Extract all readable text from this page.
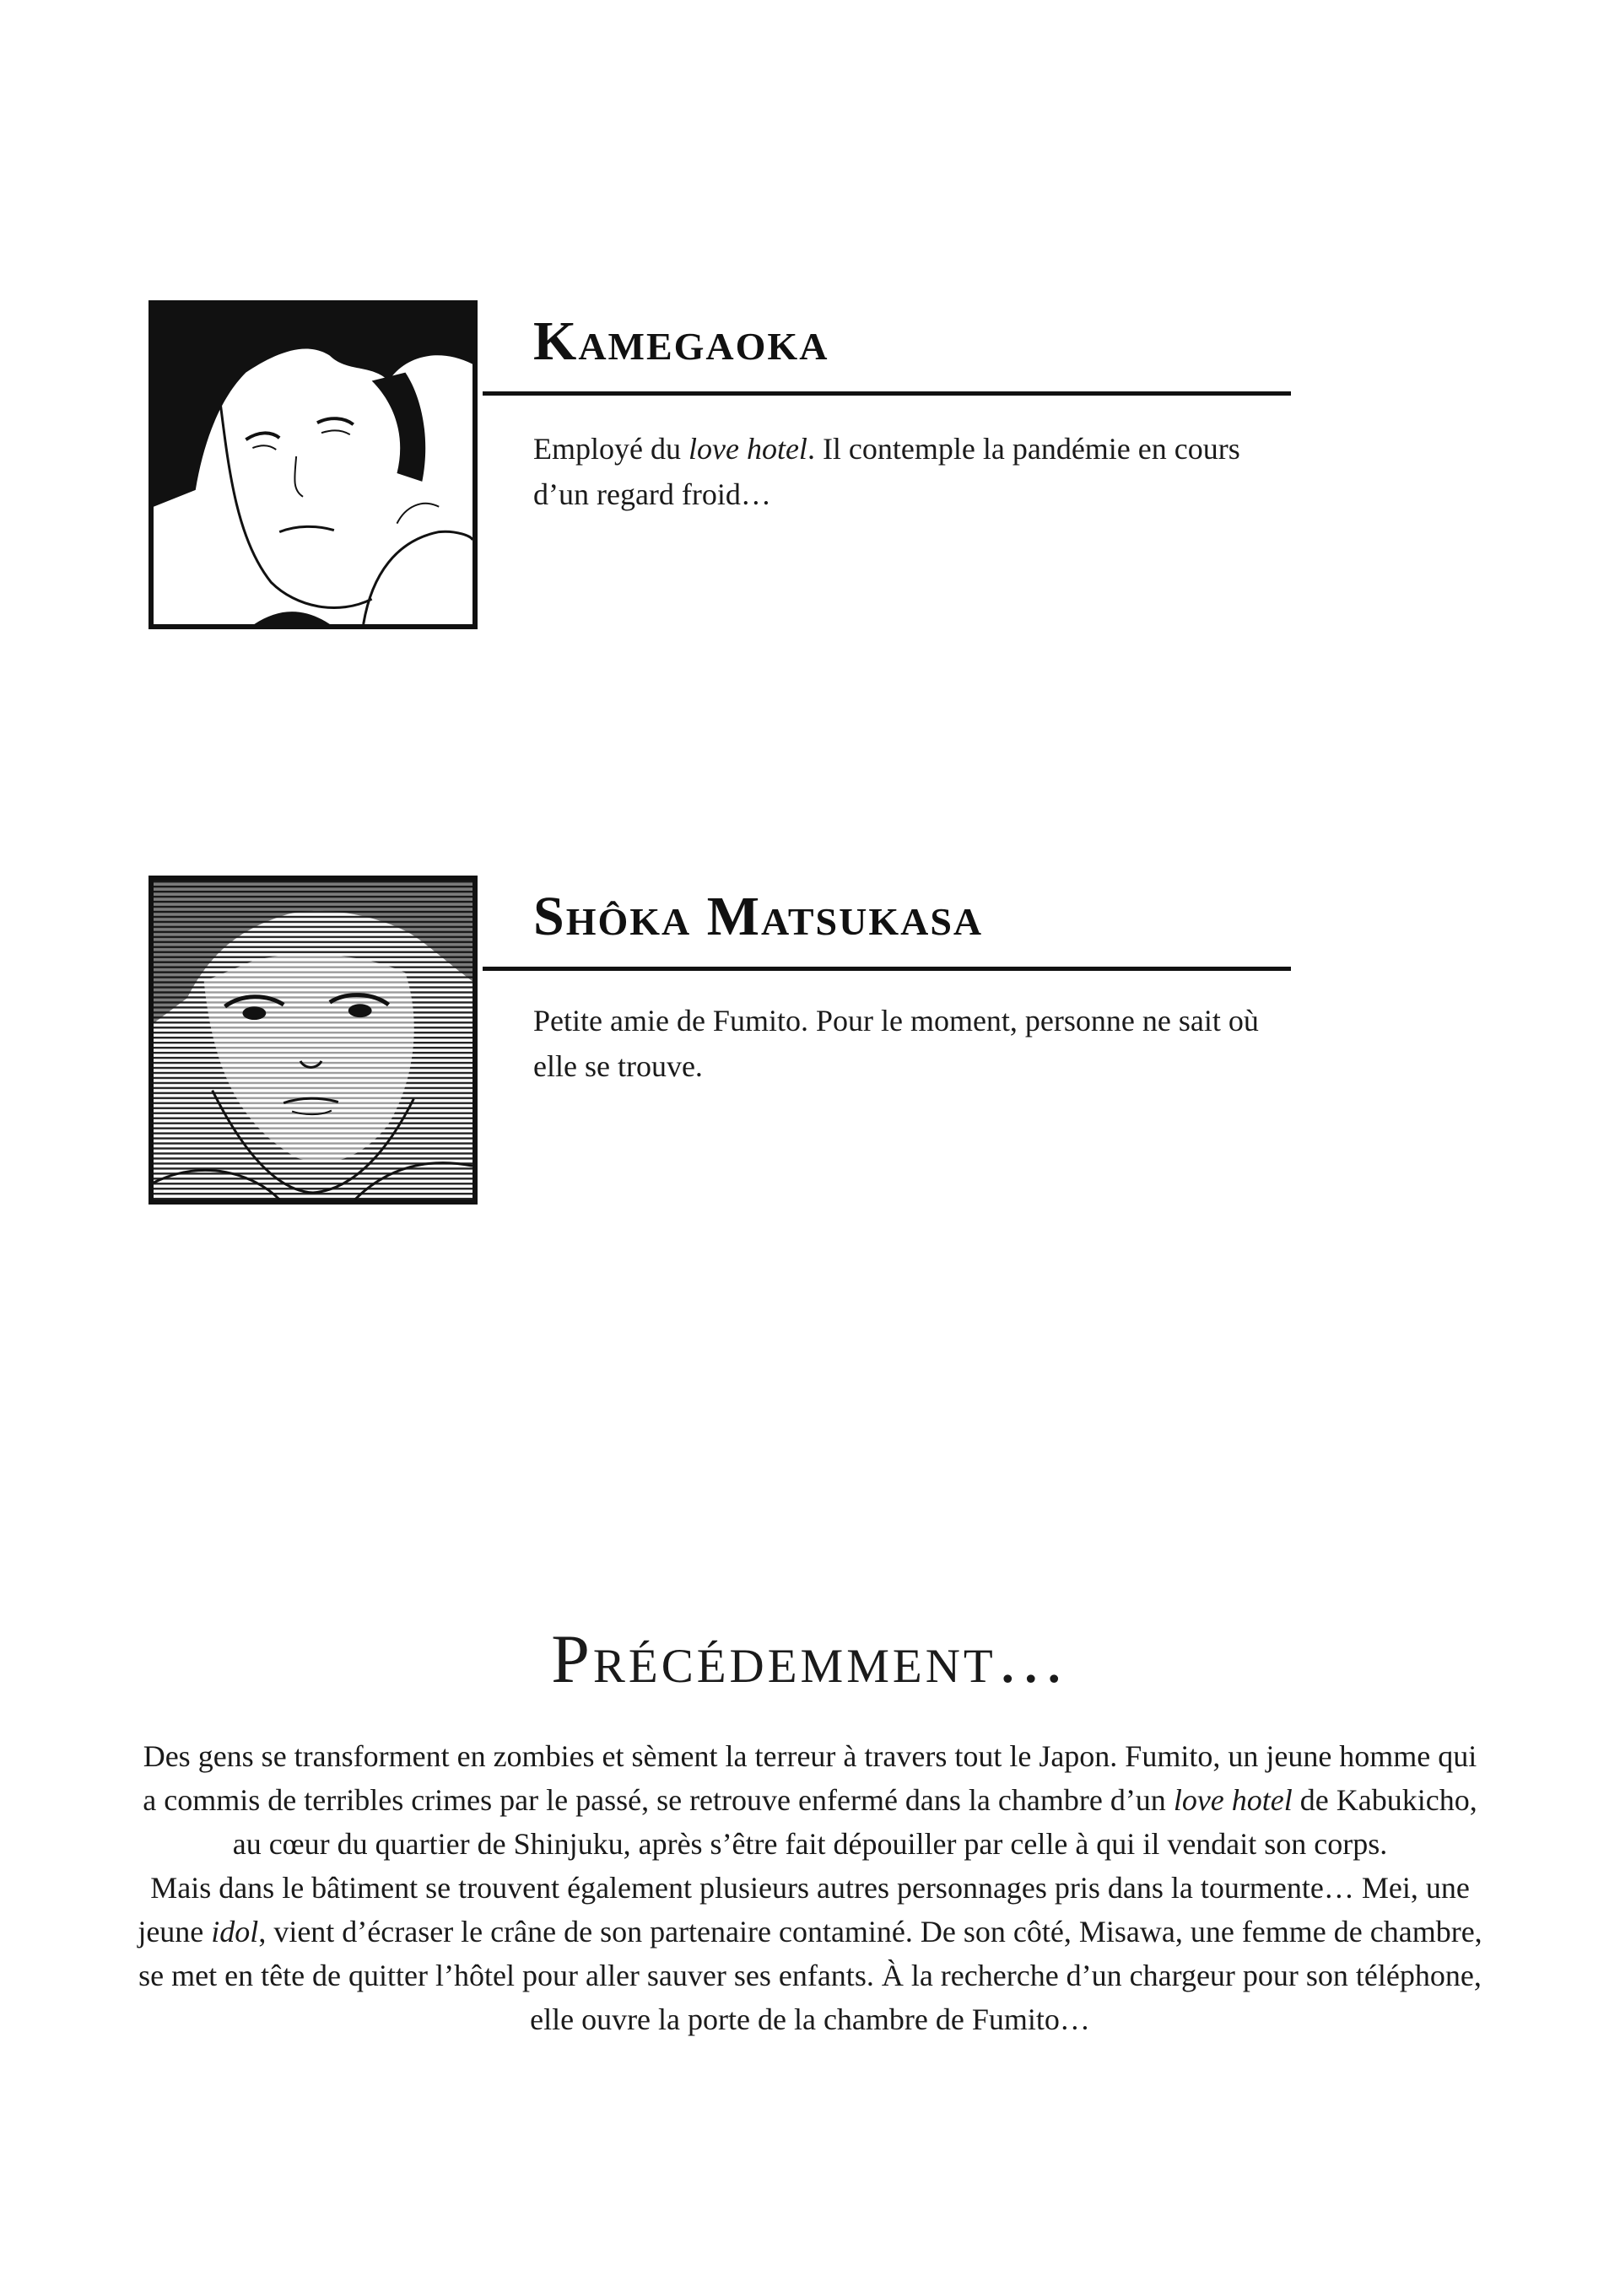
Kamegaoka

Employé du love hotel. Il contemple la pandémie en cours d’un regard froid…

Shôka Matsukasa

Petite amie de Fumito. Pour le moment, personne ne sait où elle se trouve.

Précédemment…

Des gens se transforment en zombies et sèment la terreur à travers tout le Japon. Fumito, un jeune homme qui a commis de terribles crimes par le passé, se retrouve enfermé dans la chambre d’un love hotel de Kabukicho, au cœur du quartier de Shinjuku, après s’être fait dépouiller par celle à qui il vendait son corps.

Mais dans le bâtiment se trouvent également plusieurs autres personnages pris dans la tourmente… Mei, une jeune idol, vient d’écraser le crâne de son partenaire contaminé. De son côté, Misawa, une femme de chambre, se met en tête de quitter l’hôtel pour aller sauver ses enfants. À la recherche d’un chargeur pour son téléphone, elle ouvre la porte de la chambre de Fumito…
